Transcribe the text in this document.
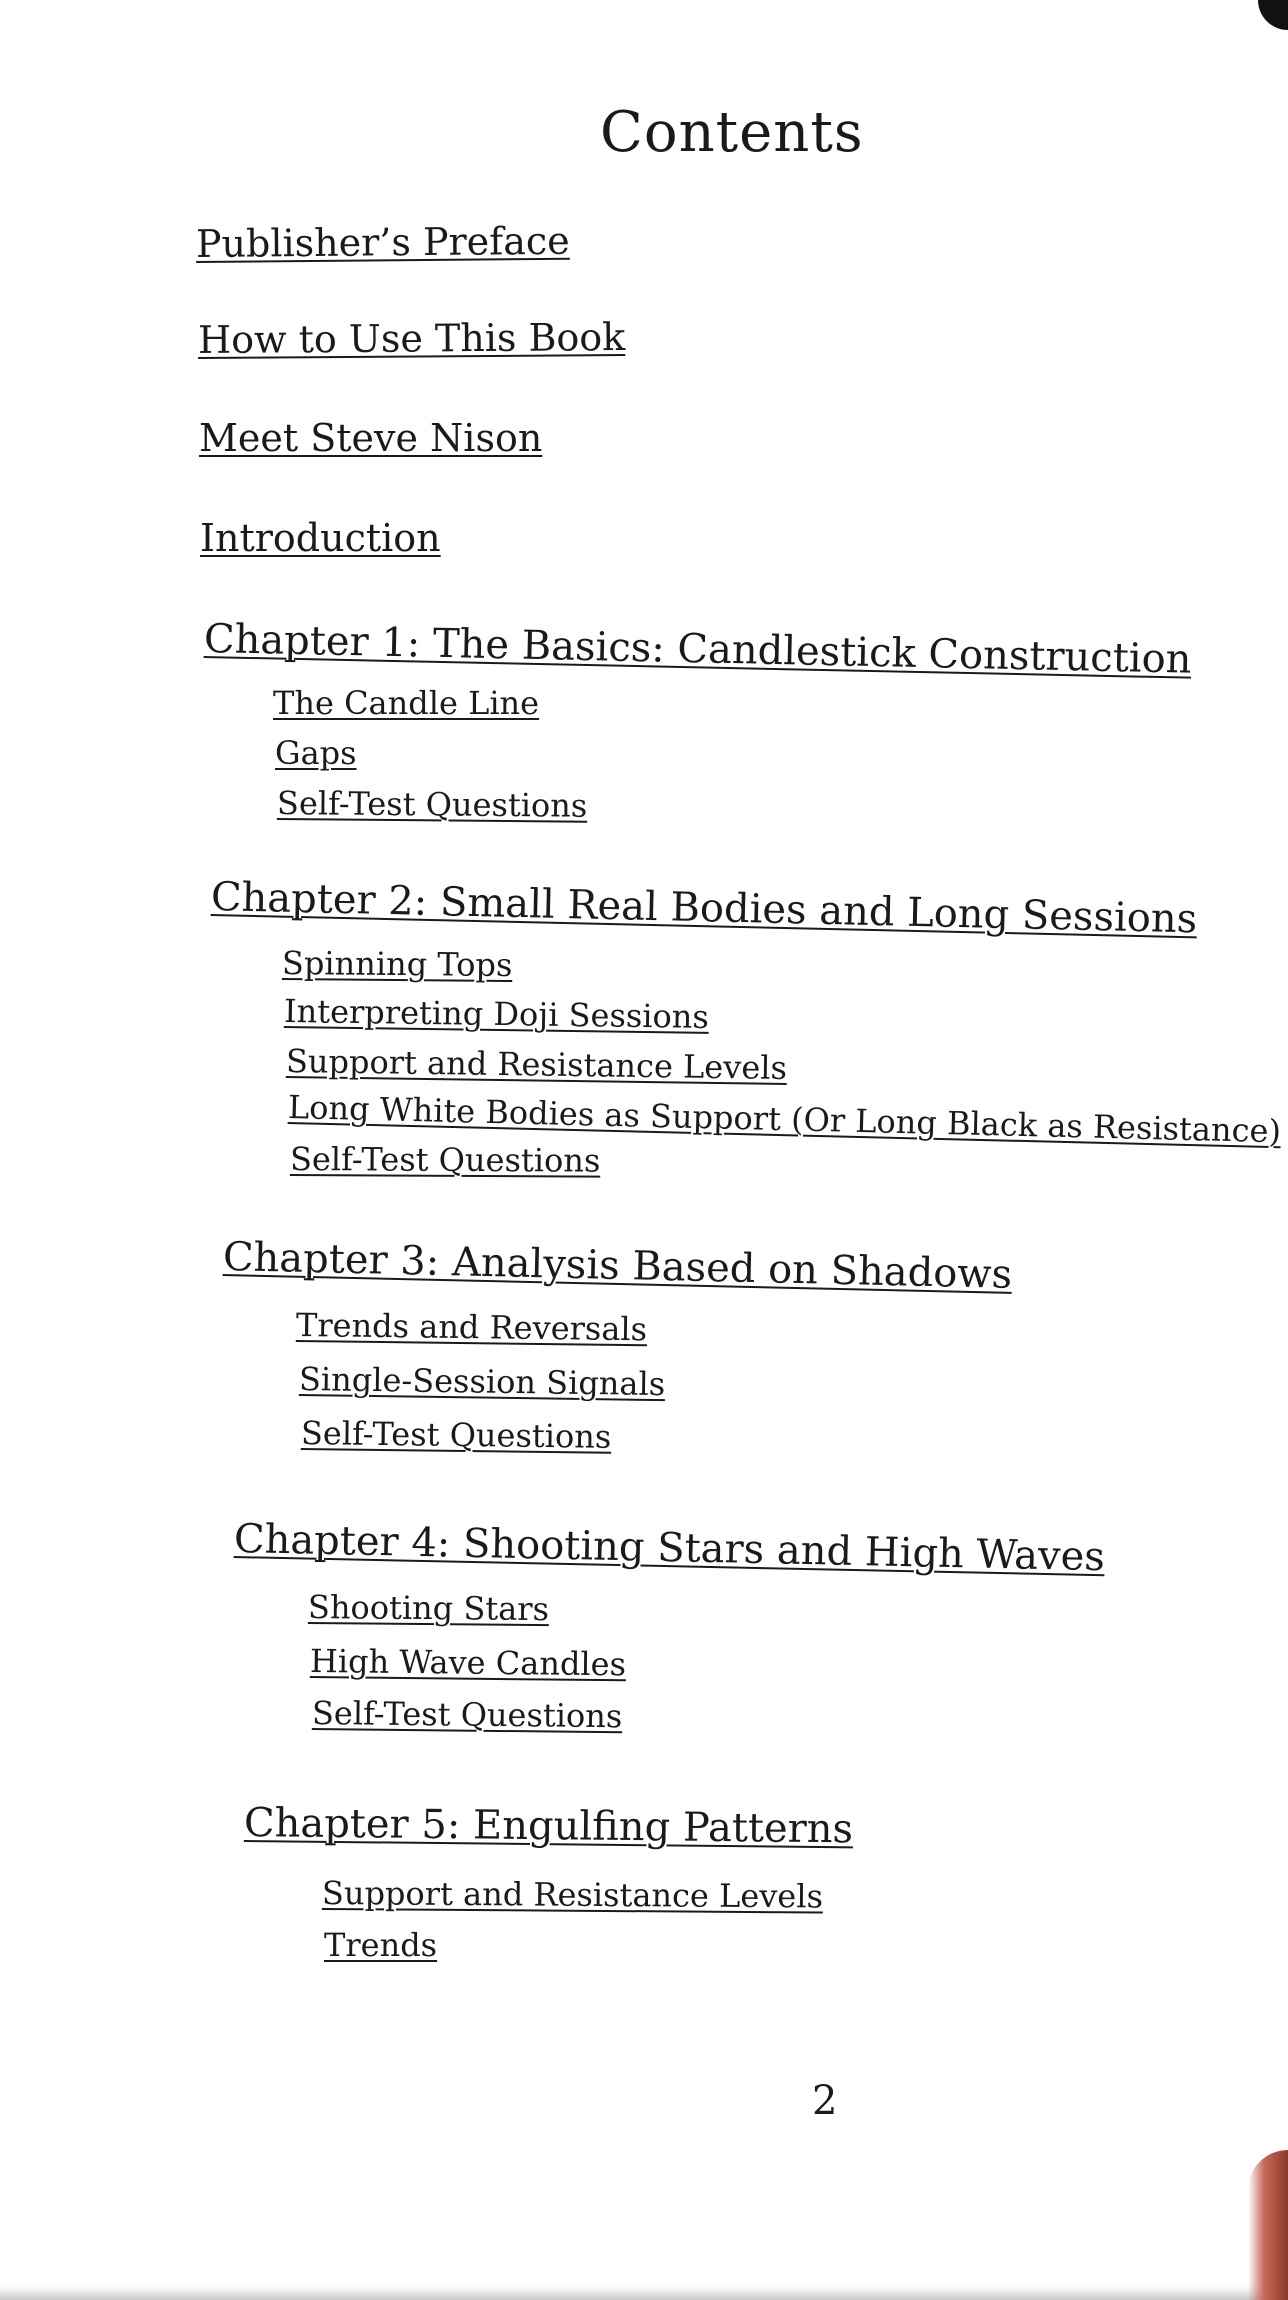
Contents
Publisher’s Preface
How to Use This Book
Meet Steve Nison
Introduction
Chapter 1: The Basics: Candlestick Construction
The Candle Line
Gaps
Self-Test Questions
Chapter 2: Small Real Bodies and Long Sessions
Spinning Tops
Interpreting Doji Sessions
Support and Resistance Levels
Long White Bodies as Support (Or Long Black as Resistance)
Self-Test Questions
Chapter 3: Analysis Based on Shadows
Trends and Reversals
Single-Session Signals
Self-Test Questions
Chapter 4: Shooting Stars and High Waves
Shooting Stars
High Wave Candles
Self-Test Questions
Chapter 5: Engulfing Patterns
Support and Resistance Levels
Trends
2
